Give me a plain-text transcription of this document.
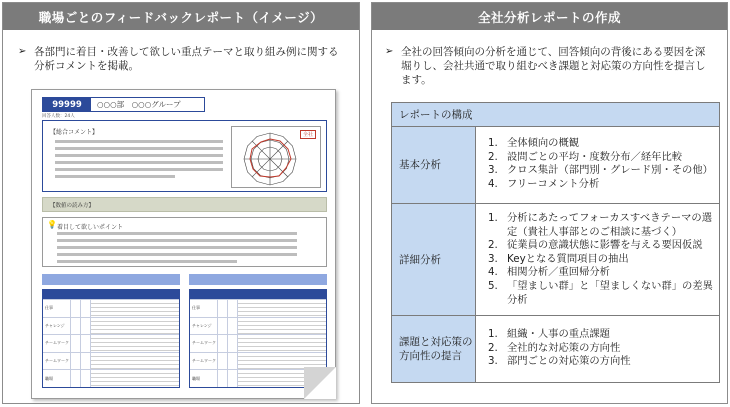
職場ごとのフィードバックレポート（イメージ）
➢ 各部門に着目・改善して欲しい重点テーマと取り組み例に関する分析コメントを掲載。
99999	○○○部　○○○グループ
回答人数：24人
【総合コメント】	全社
【数値の読み方】
💡 着目して欲しいポイント
仕事
チャレンジ
チームワーク
チームワーク
職場
仕事
チャレンジ
チームワーク
チームワーク
職場
全社分析レポートの作成
➢ 全社の回答傾向の分析を通じて、回答傾向の背後にある要因を深堀りし、会社共通で取り組むべき課題と対応策の方向性を提言します。
レポートの構成
基本分析
1. 全体傾向の概観
2. 設問ごとの平均・度数分布／経年比較
3. クロス集計（部門別・グレード別・その他）
4. フリーコメント分析
詳細分析
1. 分析にあたってフォーカスすべきテーマの選定（貴社人事部とのご相談に基づく）
2. 従業員の意識状態に影響を与える要因仮説
3. Keyとなる質問項目の抽出
4. 相関分析／重回帰分析
5. 「望ましい群」と「望ましくない群」の差異分析
課題と対応策の方向性の提言
1. 組織・人事の重点課題
2. 全社的な対応策の方向性
3. 部門ごとの対応策の方向性
